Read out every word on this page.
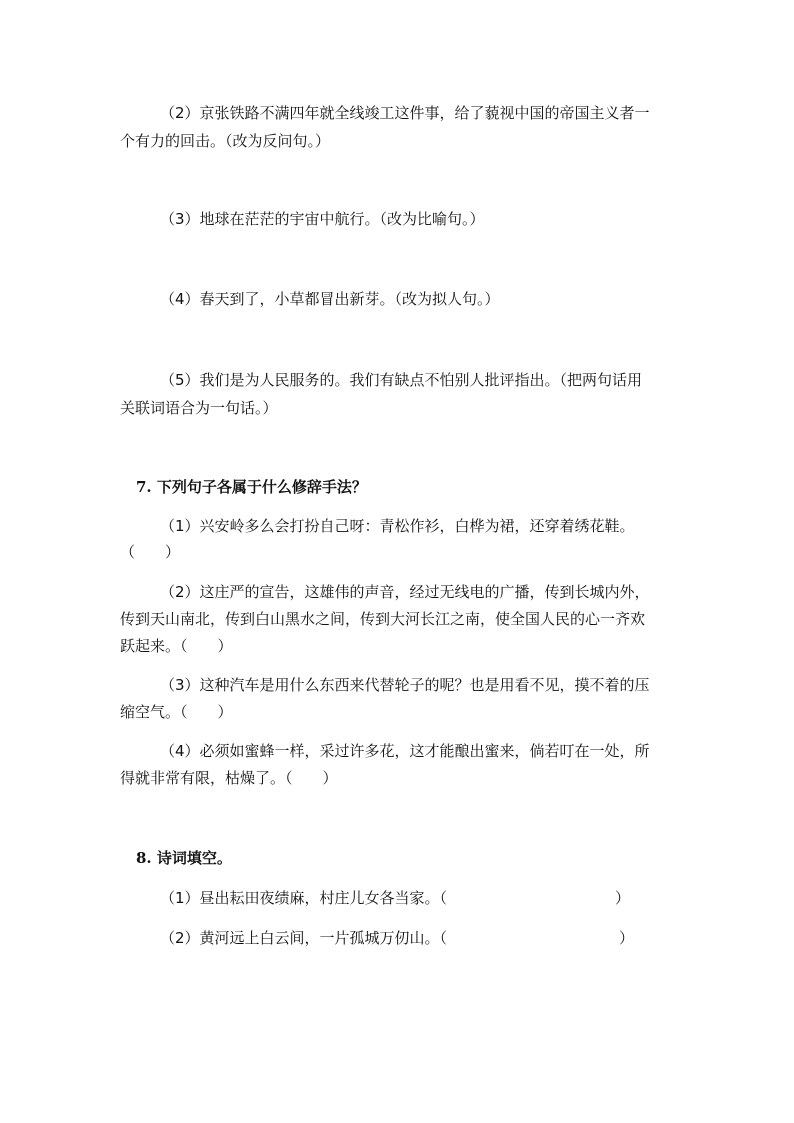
（2）京张铁路不满四年就全线竣工这件事，给了藐视中国的帝国主义者一
个有力的回击。（改为反问句。）
（3）地球在茫茫的宇宙中航行。（改为比喻句。）
（4）春天到了，小草都冒出新芽。（改为拟人句。）
（5）我们是为人民服务的。我们有缺点不怕别人批评指出。（把两句话用
关联词语合为一句话。）
7. 下列句子各属于什么修辞手法？
（1）兴安岭多么会打扮自己呀：青松作衫，白桦为裙，还穿着绣花鞋。
（　　）
（2）这庄严的宣告，这雄伟的声音，经过无线电的广播，传到长城内外，
传到天山南北，传到白山黑水之间，传到大河长江之南，使全国人民的心一齐欢
跃起来。（　　）
（3）这种汽车是用什么东西来代替轮子的呢？也是用看不见，摸不着的压
缩空气。（　　）
（4）必须如蜜蜂一样，采过许多花，这才能酿出蜜来，倘若叮在一处，所
得就非常有限，枯燥了。（　　）
8. 诗词填空。
（1）昼出耘田夜绩麻，村庄儿女各当家。（	）
（2）黄河远上白云间，一片孤城万仞山。（	）
